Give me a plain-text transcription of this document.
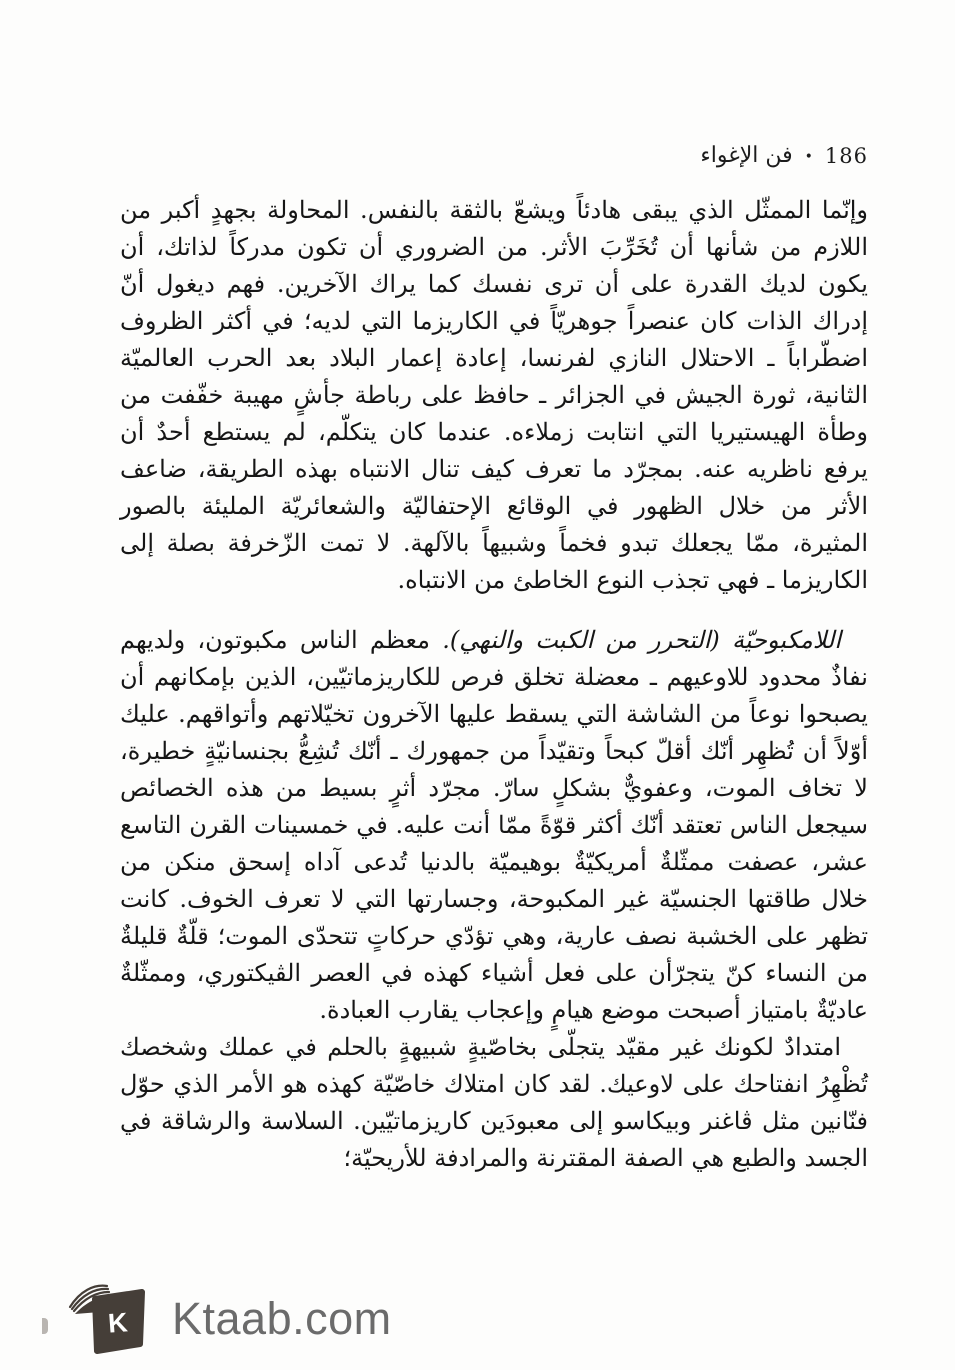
فن الإغواء • 186

وإنّما الممثّل الذي يبقى هادئاً ويشعّ بالثقة بالنفس. المحاولة بجهدٍ أكبر من اللازم من شأنها أن تُخَرِّبَ الأثر. من الضروري أن تكون مدركاً لذاتك، أن يكون لديك القدرة على أن ترى نفسك كما يراك الآخرين. فهم ديغول أنّ إدراك الذات كان عنصراً جوهريّاً في الكاريزما التي لديه؛ في أكثر الظروف اضطّراباً ـ الاحتلال النازي لفرنسا، إعادة إعمار البلاد بعد الحرب العالميّة الثانية، ثورة الجيش في الجزائر ـ حافظ على رباطة جأشٍ مهيبة خفّفت من وطأة الهيستيريا التي انتابت زملاءه. عندما كان يتكلّم، لم يستطع أحدٌ أن يرفع ناظريه عنه. بمجرّد ما تعرف كيف تنال الانتباه بهذه الطريقة، ضاعف الأثر من خلال الظهور في الوقائع الإحتفاليّة والشعائريّة المليئة بالصور المثيرة، ممّا يجعلك تبدو فخماً وشبيهاً بالآلهة. لا تمت الزّخرفة بصلة إلى الكاريزما ـ فهي تجذب النوع الخاطئ من الانتباه.

اللامكبوحيّة (التحرر من الكبت والنهي). معظم الناس مكبوتون، ولديهم نفاذٌ محدود للاوعيهم ـ معضلة تخلق فرص للكاريزماتيّين، الذين بإمكانهم أن يصبحوا نوعاً من الشاشة التي يسقط عليها الآخرون تخيّلاتهم وأتواقهم. عليك أوّلاً أن تُظهِر أنّك أقلّ كبحاً وتقيّداً من جمهورك ـ أنّك تُشِعُّ بجنسانيّةٍ خطيرة، لا تخاف الموت، وعفويٌّ بشكلٍ سارّ. مجرّد أثرٍ بسيط من هذه الخصائص سيجعل الناس تعتقد أنّك أكثر قوّةً ممّا أنت عليه. في خمسينات القرن التاسع عشر، عصفت ممثّلةٌ أمريكيّةٌ بوهيميّة بالدنيا تُدعى آداه إسحق منكن من خلال طاقتها الجنسيّة غير المكبوحة، وجسارتها التي لا تعرف الخوف. كانت تظهر على الخشبة نصف عارية، وهي تؤدّي حركاتٍ تتحدّى الموت؛ قلّةٌ قليلةٌ من النساء كنّ يتجرّأن على فعل أشياء كهذه في العصر الڤيكتوري، وممثّلةٌ عاديّةٌ بامتياز أصبحت موضع هيامٍ وإعجاب يقارب العبادة.

امتدادٌ لكونك غير مقيّد يتجلّى بخاصّيةٍ شبيهةٍ بالحلم في عملك وشخصك تُظْهِرُ انفتاحك على لاوعيك. لقد كان امتلاك خاصّيّة كهذه هو الأمر الذي حوّل فنّانين مثل ڤاغنر وبيكاسو إلى معبودَين كاريزماتيّين. السلاسة والرشاقة في الجسد والطبع هي الصفة المقترنة والمرادفة للأريحيّة؛

K Ktaab.com
